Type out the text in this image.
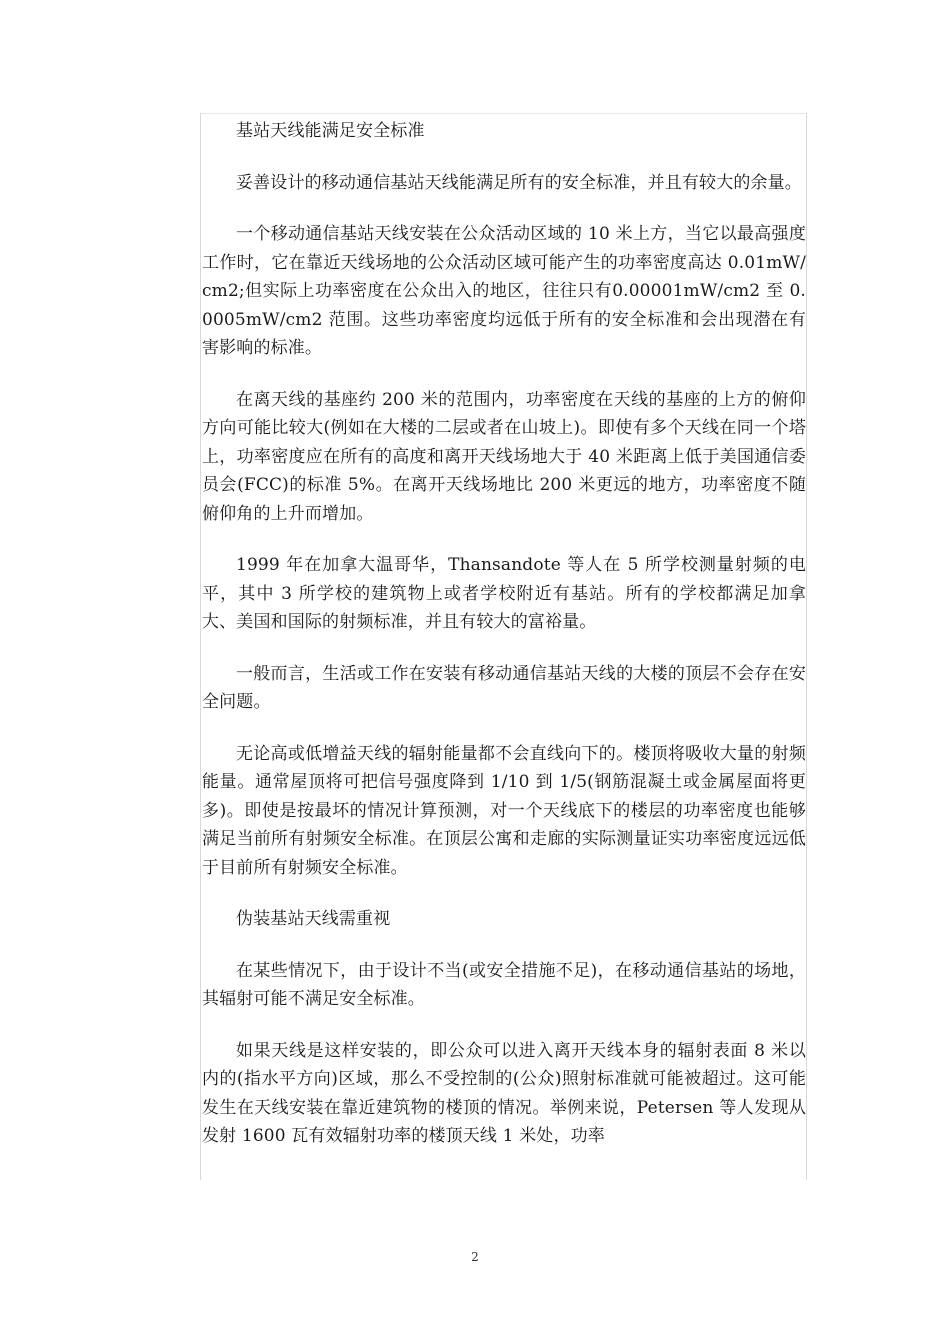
基站天线能满足安全标准

妥善设计的移动通信基站天线能满足所有的安全标准，并且有较大的余量。

一个移动通信基站天线安装在公众活动区域的 10 米上方，当它以最高强度工作时，它在靠近天线场地的公众活动区域可能产生的功率密度高达 0.01mW/cm2;但实际上功率密度在公众出入的地区，往往只有0.00001mW/cm2 至 0.0005mW/cm2 范围。这些功率密度均远低于所有的安全标准和会出现潜在有害影响的标准。

在离天线的基座约 200 米的范围内，功率密度在天线的基座的上方的俯仰方向可能比较大(例如在大楼的二层或者在山坡上)。即使有多个天线在同一个塔上，功率密度应在所有的高度和离开天线场地大于 40 米距离上低于美国通信委员会(FCC)的标准 5%。在离开天线场地比 200 米更远的地方，功率密度不随俯仰角的上升而增加。

1999 年在加拿大温哥华，Thansandote 等人在 5 所学校测量射频的电平，其中 3 所学校的建筑物上或者学校附近有基站。所有的学校都满足加拿大、美国和国际的射频标准，并且有较大的富裕量。

一般而言，生活或工作在安装有移动通信基站天线的大楼的顶层不会存在安全问题。

无论高或低增益天线的辐射能量都不会直线向下的。楼顶将吸收大量的射频能量。通常屋顶将可把信号强度降到 1/10 到 1/5(钢筋混凝土或金属屋面将更多)。即使是按最坏的情况计算预测，对一个天线底下的楼层的功率密度也能够满足当前所有射频安全标准。在顶层公寓和走廊的实际测量证实功率密度远远低于目前所有射频安全标准。

伪装基站天线需重视

在某些情况下，由于设计不当(或安全措施不足)，在移动通信基站的场地，其辐射可能不满足安全标准。

如果天线是这样安装的，即公众可以进入离开天线本身的辐射表面 8 米以内的(指水平方向)区域，那么不受控制的(公众)照射标准就可能被超过。这可能发生在天线安装在靠近建筑物的楼顶的情况。举例来说，Petersen 等人发现从发射 1600 瓦有效辐射功率的楼顶天线 1 米处，功率

2
